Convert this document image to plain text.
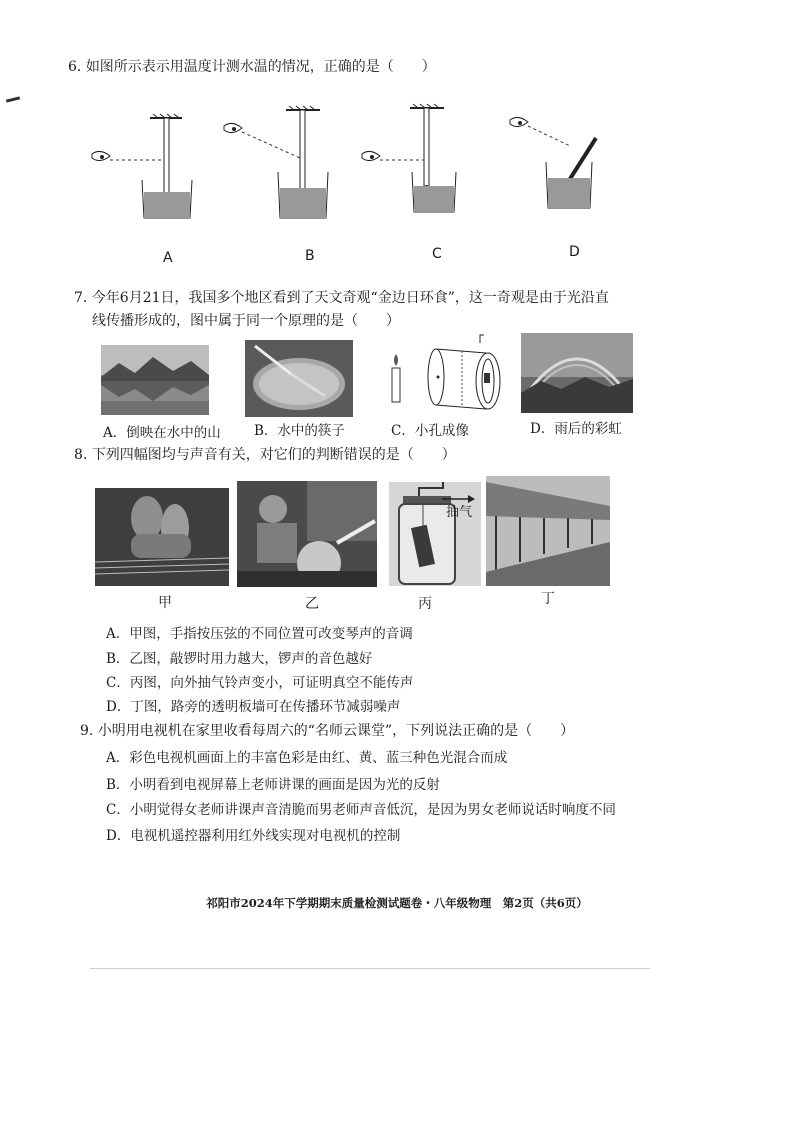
6. 如图所示表示用温度计测水温的情况，正确的是（　　）
A	B	C	D
7. 今年6月21日，我国多个地区看到了天文奇观“金边日环食”，这一奇观是由于光沿直
线传播形成的，图中属于同一个原理的是（　　）
A．倒映在水中的山 B．水中的筷子	C．小孔成像	D．雨后的彩虹
8. 下列四幅图均与声音有关，对它们的判断错误的是（　　）
抽气
甲	乙	丙	丁
A．甲图，手指按压弦的不同位置可改变琴声的音调
B．乙图，敲锣时用力越大，锣声的音色越好
C．丙图，向外抽气铃声变小，可证明真空不能传声
D．丁图，路旁的透明板墙可在传播环节减弱噪声
9. 小明用电视机在家里收看每周六的“名师云课堂”，下列说法正确的是（　　）
A．彩色电视机画面上的丰富色彩是由红、黄、蓝三种色光混合而成
B．小明看到电视屏幕上老师讲课的画面是因为光的反射
C．小明觉得女老师讲课声音清脆而男老师声音低沉，是因为男女老师说话时响度不同
D．电视机遥控器利用红外线实现对电视机的控制
祁阳市2024年下学期期末质量检测试题卷・八年级物理　第2页（共6页）
